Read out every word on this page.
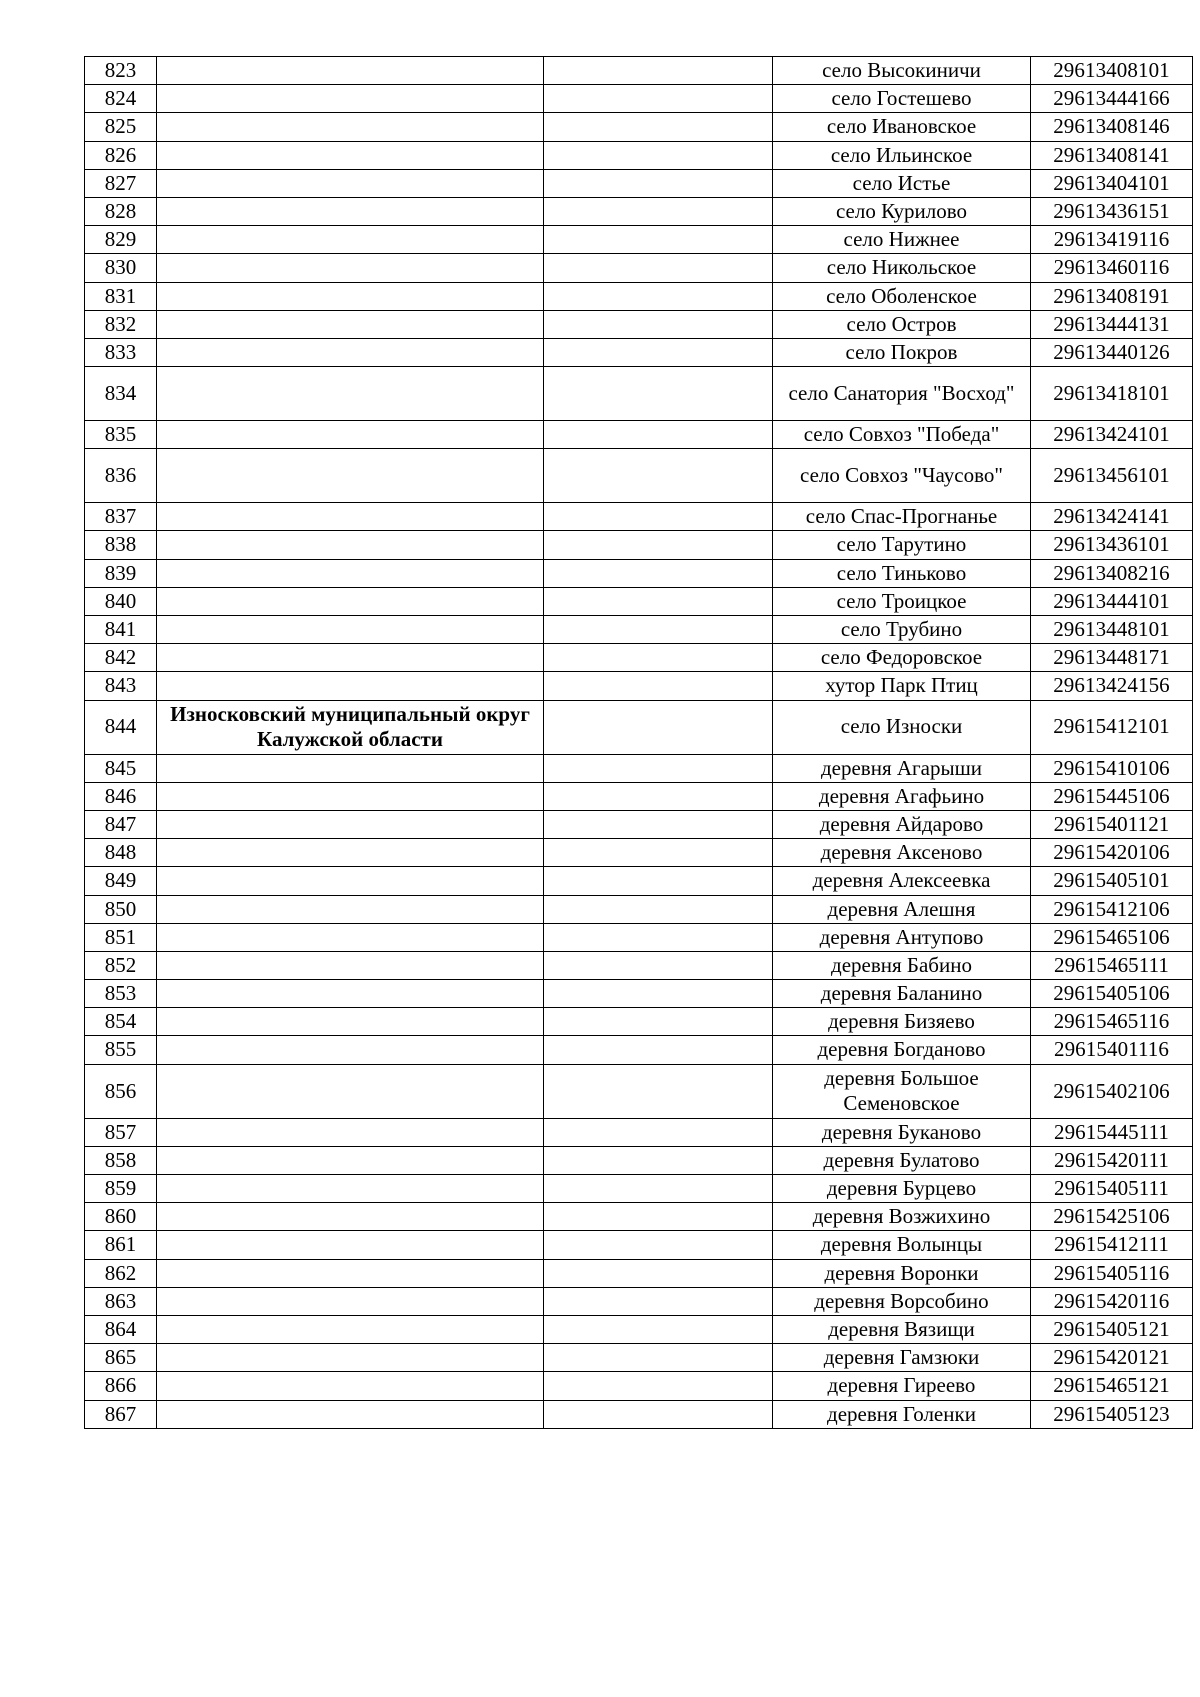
823			село Высокиничи	29613408101
824			село Гостешево	29613444166
825			село Ивановское	29613408146
826			село Ильинское	29613408141
827			село Истье	29613404101
828			село Курилово	29613436151
829			село Нижнее	29613419116
830			село Никольское	29613460116
831			село Оболенское	29613408191
832			село Остров	29613444131
833			село Покров	29613440126
834			село Санатория "Восход"	29613418101
835			село Совхоз "Победа"	29613424101
836			село Совхоз "Чаусово"	29613456101
837			село Спас-Прогнанье	29613424141
838			село Тарутино	29613436101
839			село Тиньково	29613408216
840			село Троицкое	29613444101
841			село Трубино	29613448101
842			село Федоровское	29613448171
843			хутор Парк Птиц	29613424156
844	Износковский муниципальный округ Калужской области		село Износки	29615412101
845			деревня Агарыши	29615410106
846			деревня Агафьино	29615445106
847			деревня Айдарово	29615401121
848			деревня Аксеново	29615420106
849			деревня Алексеевка	29615405101
850			деревня Алешня	29615412106
851			деревня Антупово	29615465106
852			деревня Бабино	29615465111
853			деревня Баланино	29615405106
854			деревня Бизяево	29615465116
855			деревня Богданово	29615401116
856			деревня Большое Семеновское	29615402106
857			деревня Буканово	29615445111
858			деревня Булатово	29615420111
859			деревня Бурцево	29615405111
860			деревня Возжихино	29615425106
861			деревня Волынцы	29615412111
862			деревня Воронки	29615405116
863			деревня Ворсобино	29615420116
864			деревня Вязищи	29615405121
865			деревня Гамзюки	29615420121
866			деревня Гиреево	29615465121
867			деревня Голенки	29615405123
